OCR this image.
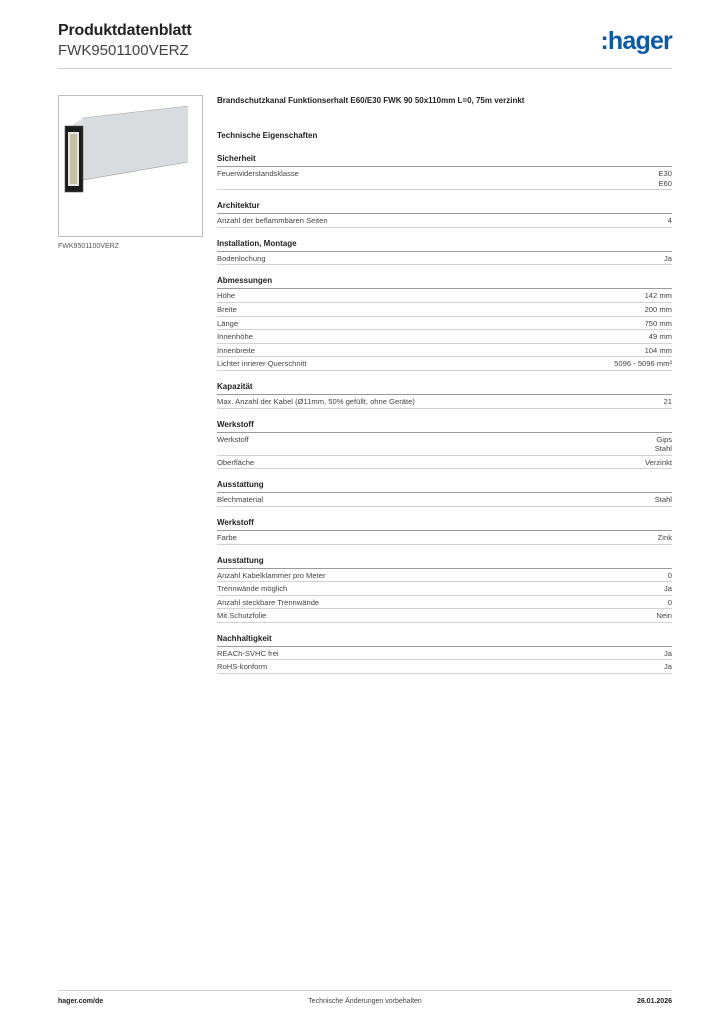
Produktdatenblatt
FWK9501100VERZ	:hager
FWK9501100VERZ
Brandschutzkanal Funktionserhalt E60/E30 FWK 90 50x110mm L=0, 75m verzinkt
Technische Eigenschaften
Sicherheit
Feuerwiderstandsklasse	E30
E60
Architektur
Anzahl der beflammbaren Seiten	4
Installation, Montage
Bodenlochung	Ja
Abmessungen
Höhe	142 mm
Breite	200 mm
Länge	750 mm
Innenhöhe	49 mm
Innenbreite	104 mm
Lichter innerer Querschnitt	5096 - 5096 mm²
Kapazität
Max. Anzahl der Kabel (Ø11mm, 50% gefüllt, ohne Geräte)	21
Werkstoff
Werkstoff	Gips
Stahl
Oberfläche	Verzinkt
Ausstattung
Blechmaterial	Stahl
Werkstoff
Farbe	Zink
Ausstattung
Anzahl Kabelklammer pro Meter	0
Trennwände möglich	Ja
Anzahl steckbare Trennwände	0
Mit Schutzfolie	Nein
Nachhaltigkeit
REACh-SVHC frei	Ja
RoHS-konform	Ja
hager.com/de	Technische Änderungen vorbehalten	26.01.2026
